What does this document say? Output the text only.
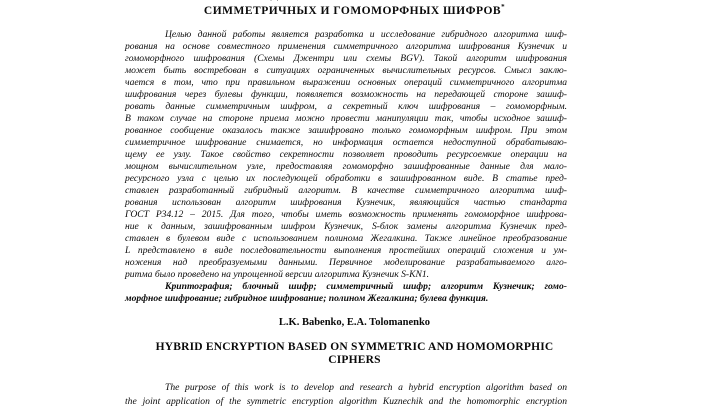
СИММЕТРИЧНЫХ И ГОМОМОРФНЫХ ШИФРОВ*
Целью данной работы является разработка и исследование гибридного алгоритма шиф-
рования на основе совместного применения симметричного алгоритма шифрования Кузнечик и
гомоморфного шифрования (Схемы Джентри или схемы BGV). Такой алгоритм шифрования
может быть востребован в ситуациях ограниченных вычислительных ресурсов. Смысл заклю-
чается в том, что при правильном выражении основных операций симметричного алгоритма
шифрования через булевы функции, появляется возможность на передающей стороне зашиф-
ровать данные симметричным шифром, а секретный ключ шифрования – гомоморфным.
В таком случае на стороне приема можно провести манипуляции так, чтобы исходное зашиф-
рованное сообщение оказалось также зашифровано только гомоморфным шифром. При этом
симметричное шифрование снимается, но информация остается недоступной обрабатываю-
щему ее узлу. Такое свойство секретности позволяет проводить ресурсоемкие операции на
мощном вычислительном узле, предоставляя гомоморфно зашифрованные данные для мало-
ресурсного узла с целью их последующей обработки в зашифрованном виде. В статье пред-
ставлен разработанный гибридный алгоритм. В качестве симметричного алгоритма шиф-
рования использован алгоритм шифрования Кузнечик, являющийся частью стандарта
ГОСТ Р34.12 – 2015. Для того, чтобы иметь возможность применять гомоморфное шифрова-
ние к данным, зашифрованным шифром Кузнечик, S-блок замены алгоритма Кузнечик пред-
ставлен в булевом виде с использованием полинома Жегалкина. Также линейное преобразование
L представлено в виде последовательности выполнения простейших операций сложения и ум-
ножения над преобразуемыми данными. Первичное моделирование разрабатываемого алго-
ритма было проведено на упрощенной версии алгоритма Кузнечик S-KN1.
Криптография; блочный шифр; симметричный шифр; алгоритм Кузнечик; гомо-
морфное шифрование; гибридное шифрование; полином Жегалкина; булева функция.
L.K. Babenko, E.A. Tolomanenko
HYBRID ENCRYPTION BASED ON SYMMETRIC AND HOMOMORPHIC CIPHERS
The purpose of this work is to develop and research a hybrid encryption algorithm based on
the joint application of the symmetric encryption algorithm Kuznechik and the homomorphic encryption
